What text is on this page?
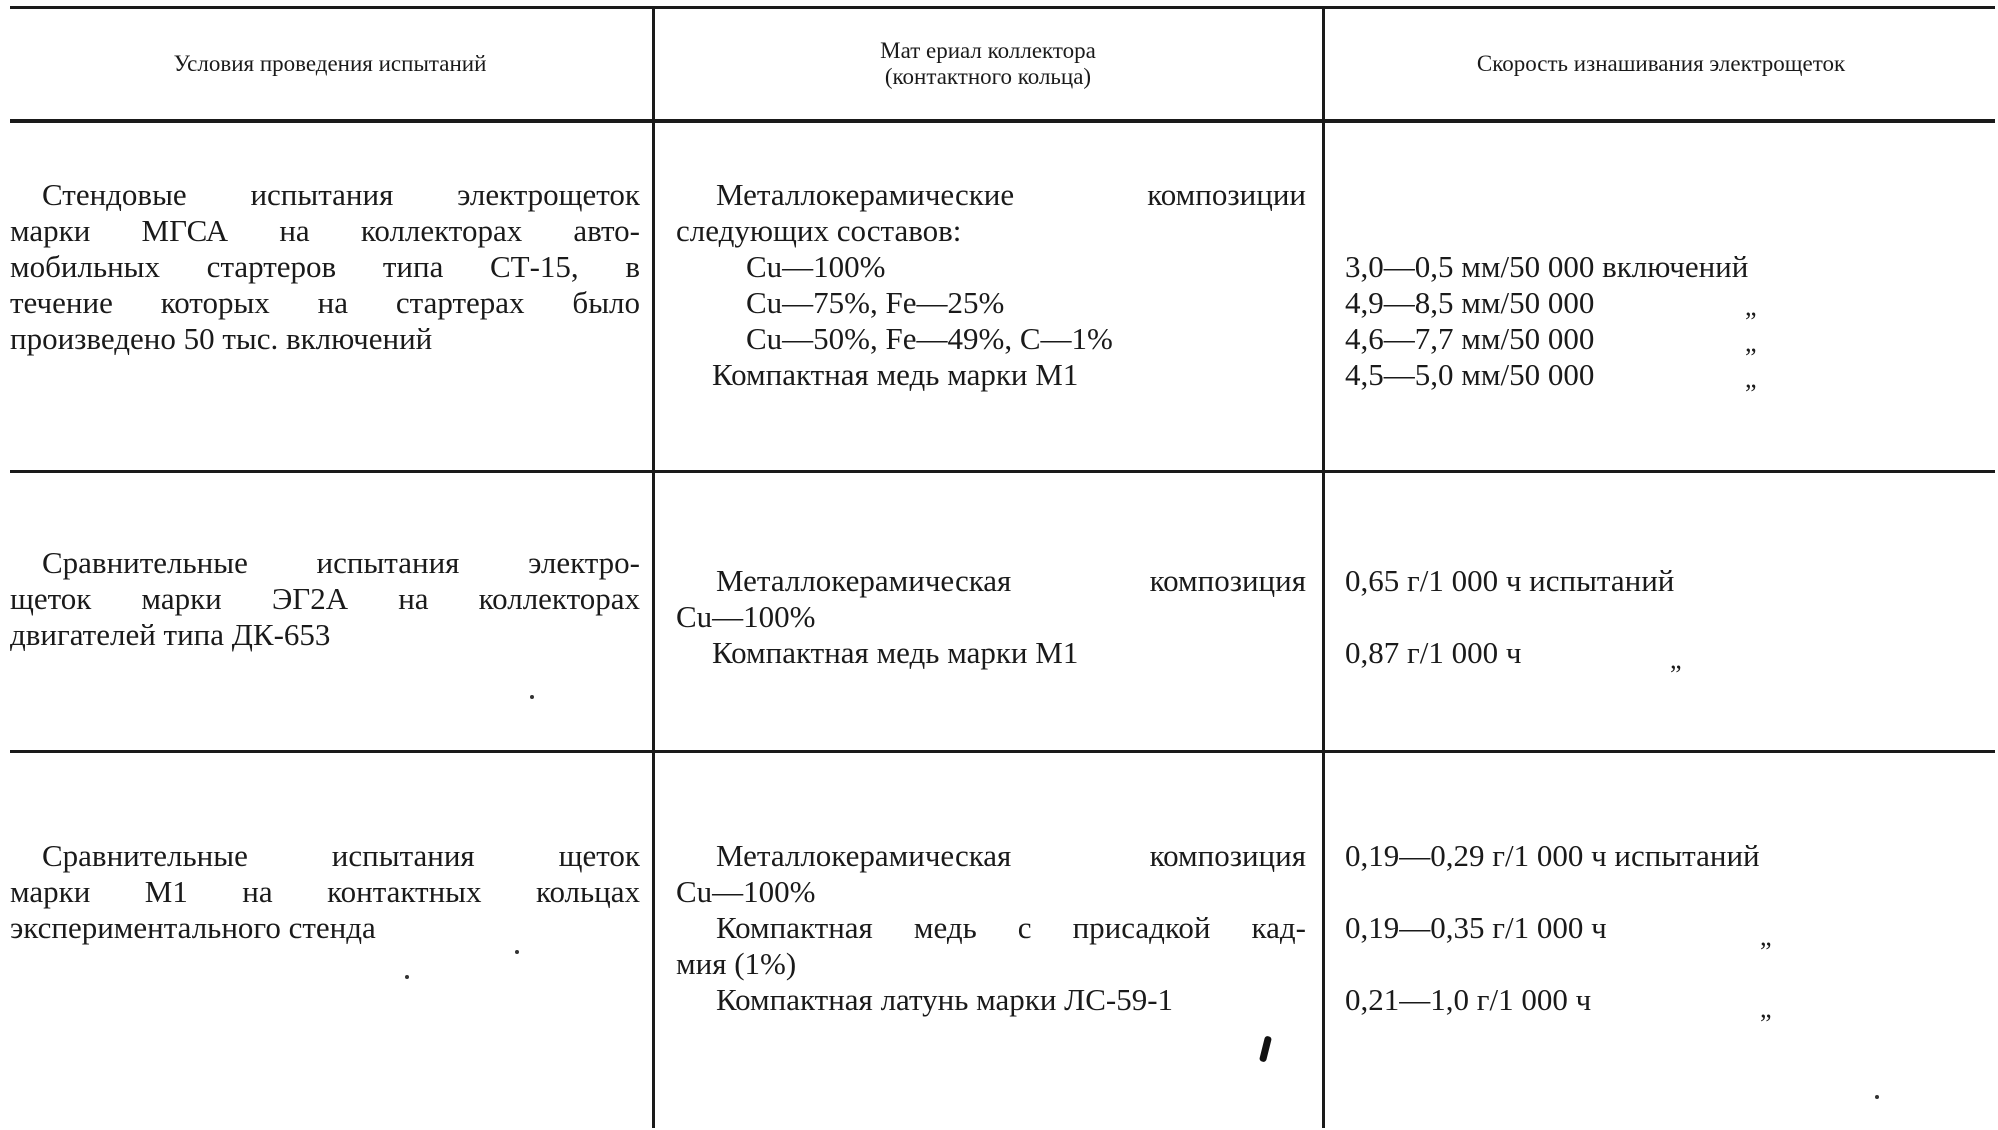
Условия проведения испытаний
Мат ериал коллектора
(контактного кольца)
Скорость изнашивания электрощеток
Стендовые испытания электрощеток
марки МГСА на коллекторах авто-
мобильных стартеров типа СТ-15, в
течение которых на стартерах было
произведено 50 тыс. включений
Металлокерамические композиции
следующих составов:
Cu—100%
Cu—75%, Fe—25%
Cu—50%, Fe—49%, C—1%
Компактная медь марки М1
3,0—0,5 мм/50 000 включений
4,9—8,5 мм/50 000
4,6—7,7 мм/50 000
4,5—5,0 мм/50 000
„
„
„
Сравнительные испытания электро-
щеток марки ЭГ2А на коллекторах
двигателей типа ДК-653
Металлокерамическая композиция
Cu—100%
Компактная медь марки М1
0,65 г/1 000 ч испытаний
0,87 г/1 000 ч	„
Сравнительные испытания щеток
марки М1 на контактных кольцах
экспериментального стенда
Металлокерамическая композиция
Cu—100%
Компактная медь с присадкой кад-
мия (1%)
Компактная латунь марки ЛС-59-1
0,19—0,29 г/1 000 ч испытаний
0,19—0,35 г/1 000 ч
0,21—1,0 г/1 000 ч
„
„
